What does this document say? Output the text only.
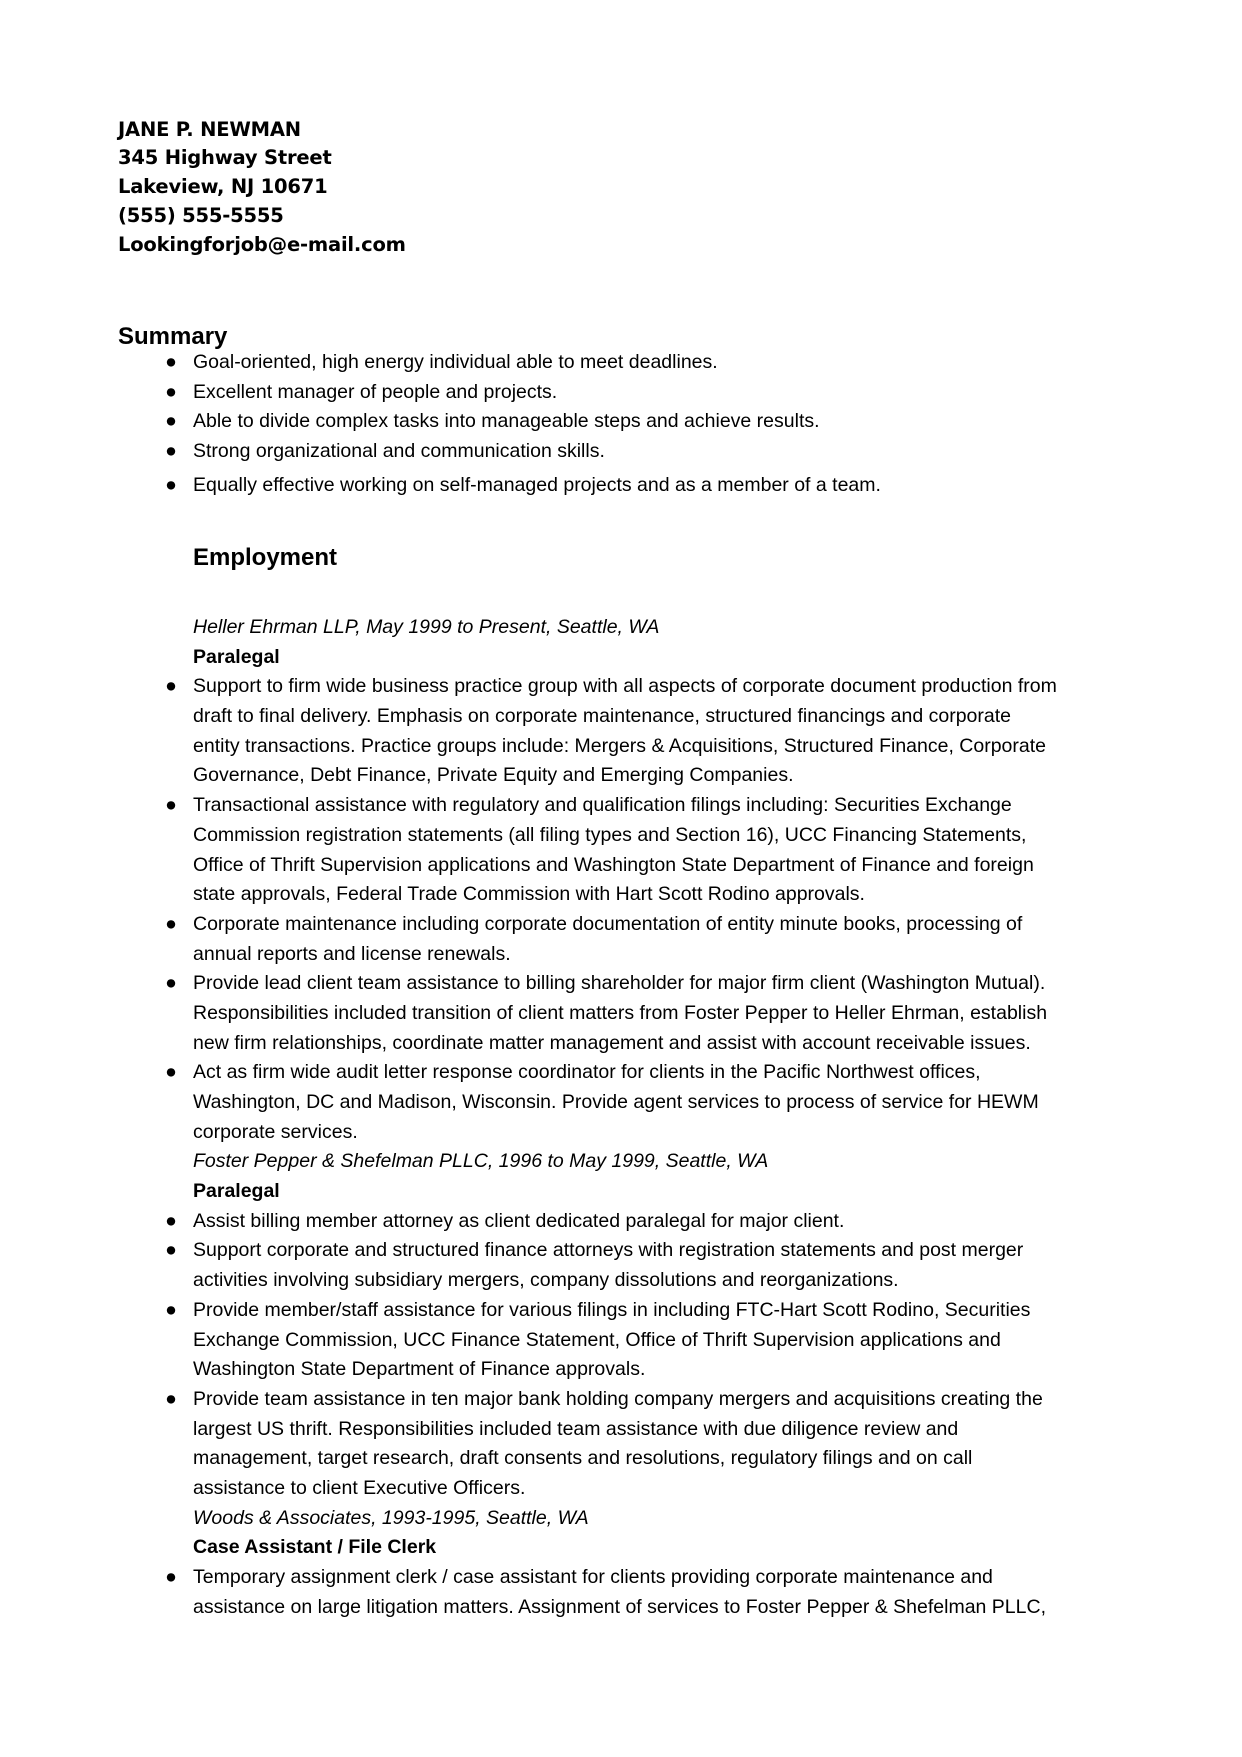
JANE P. NEWMAN
345 Highway Street
Lakeview, NJ 10671
(555) 555-5555
Lookingforjob@e-mail.com
Summary
● Goal-oriented, high energy individual able to meet deadlines.
● Excellent manager of people and projects.
● Able to divide complex tasks into manageable steps and achieve results.
● Strong organizational and communication skills.
● Equally effective working on self-managed projects and as a member of a team.
Employment
Heller Ehrman LLP, May 1999 to Present, Seattle, WA
Paralegal
● Support to firm wide business practice group with all aspects of corporate document production from
draft to final delivery. Emphasis on corporate maintenance, structured financings and corporate
entity transactions. Practice groups include: Mergers & Acquisitions, Structured Finance, Corporate
Governance, Debt Finance, Private Equity and Emerging Companies.
● Transactional assistance with regulatory and qualification filings including: Securities Exchange
Commission registration statements (all filing types and Section 16), UCC Financing Statements,
Office of Thrift Supervision applications and Washington State Department of Finance and foreign
state approvals, Federal Trade Commission with Hart Scott Rodino approvals.
● Corporate maintenance including corporate documentation of entity minute books, processing of
annual reports and license renewals.
● Provide lead client team assistance to billing shareholder for major firm client (Washington Mutual).
Responsibilities included transition of client matters from Foster Pepper to Heller Ehrman, establish
new firm relationships, coordinate matter management and assist with account receivable issues.
● Act as firm wide audit letter response coordinator for clients in the Pacific Northwest offices,
Washington, DC and Madison, Wisconsin. Provide agent services to process of service for HEWM
corporate services.
Foster Pepper & Shefelman PLLC, 1996 to May 1999, Seattle, WA
Paralegal
● Assist billing member attorney as client dedicated paralegal for major client.
● Support corporate and structured finance attorneys with registration statements and post merger
activities involving subsidiary mergers, company dissolutions and reorganizations.
● Provide member/staff assistance for various filings in including FTC-Hart Scott Rodino, Securities
Exchange Commission, UCC Finance Statement, Office of Thrift Supervision applications and
Washington State Department of Finance approvals.
● Provide team assistance in ten major bank holding company mergers and acquisitions creating the
largest US thrift. Responsibilities included team assistance with due diligence review and
management, target research, draft consents and resolutions, regulatory filings and on call
assistance to client Executive Officers.
Woods & Associates, 1993-1995, Seattle, WA
Case Assistant / File Clerk
● Temporary assignment clerk / case assistant for clients providing corporate maintenance and
assistance on large litigation matters. Assignment of services to Foster Pepper & Shefelman PLLC,
